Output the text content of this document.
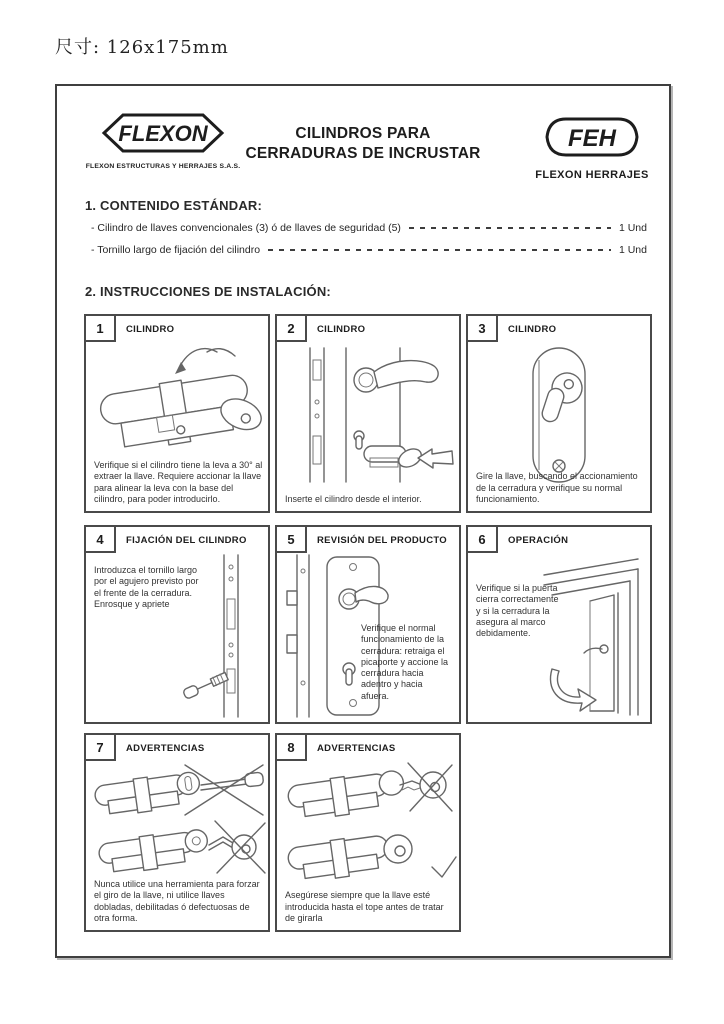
尺寸: 126x175mm
FLEXON
FLEXON ESTRUCTURAS Y HERRAJES S.A.S.
CILINDROS PARA
CERRADURAS DE INCRUSTAR
FEH
FLEXON HERRAJES
1. CONTENIDO ESTÁNDAR:
- Cilindro de llaves convencionales (3) ó de llaves de seguridad (5)	1 Und
- Tornillo largo de fijación del cilindro	1 Und
2. INSTRUCCIONES DE INSTALACIÓN:
1	CILINDRO

Verifique si el cilindro tiene la leva a 30° al extraer la llave. Requiere accionar la llave para alinear la leva con la base del cilindro, para poder introducirlo.

2	CILINDRO

Inserte el cilindro desde el interior.

3	CILINDRO

Gire la llave, buscando el accionamiento de la cerradura y verifique su normal funcionamiento.

4	FIJACIÓN DEL CILINDRO

Introduzca el tornillo largo por el agujero previsto por el frente de la cerradura. Enrosque y apriete

5	REVISIÓN DEL PRODUCTO

Verifique el normal funcionamiento de la cerradura: retraiga el picaporte y accione la cerradura hacia adentro y hacia afuera.

6	OPERACIÓN

Verifique si la puerta cierra correctamente y si la cerradura la asegura al marco debidamente.

7	ADVERTENCIAS

Nunca utilice una herramienta para forzar el giro de la llave, ni utilice llaves dobladas, debilitadas ó defectuosas de otra forma.

8	ADVERTENCIAS

Asegúrese siempre que la llave esté introducida hasta el tope antes de tratar de girarla
